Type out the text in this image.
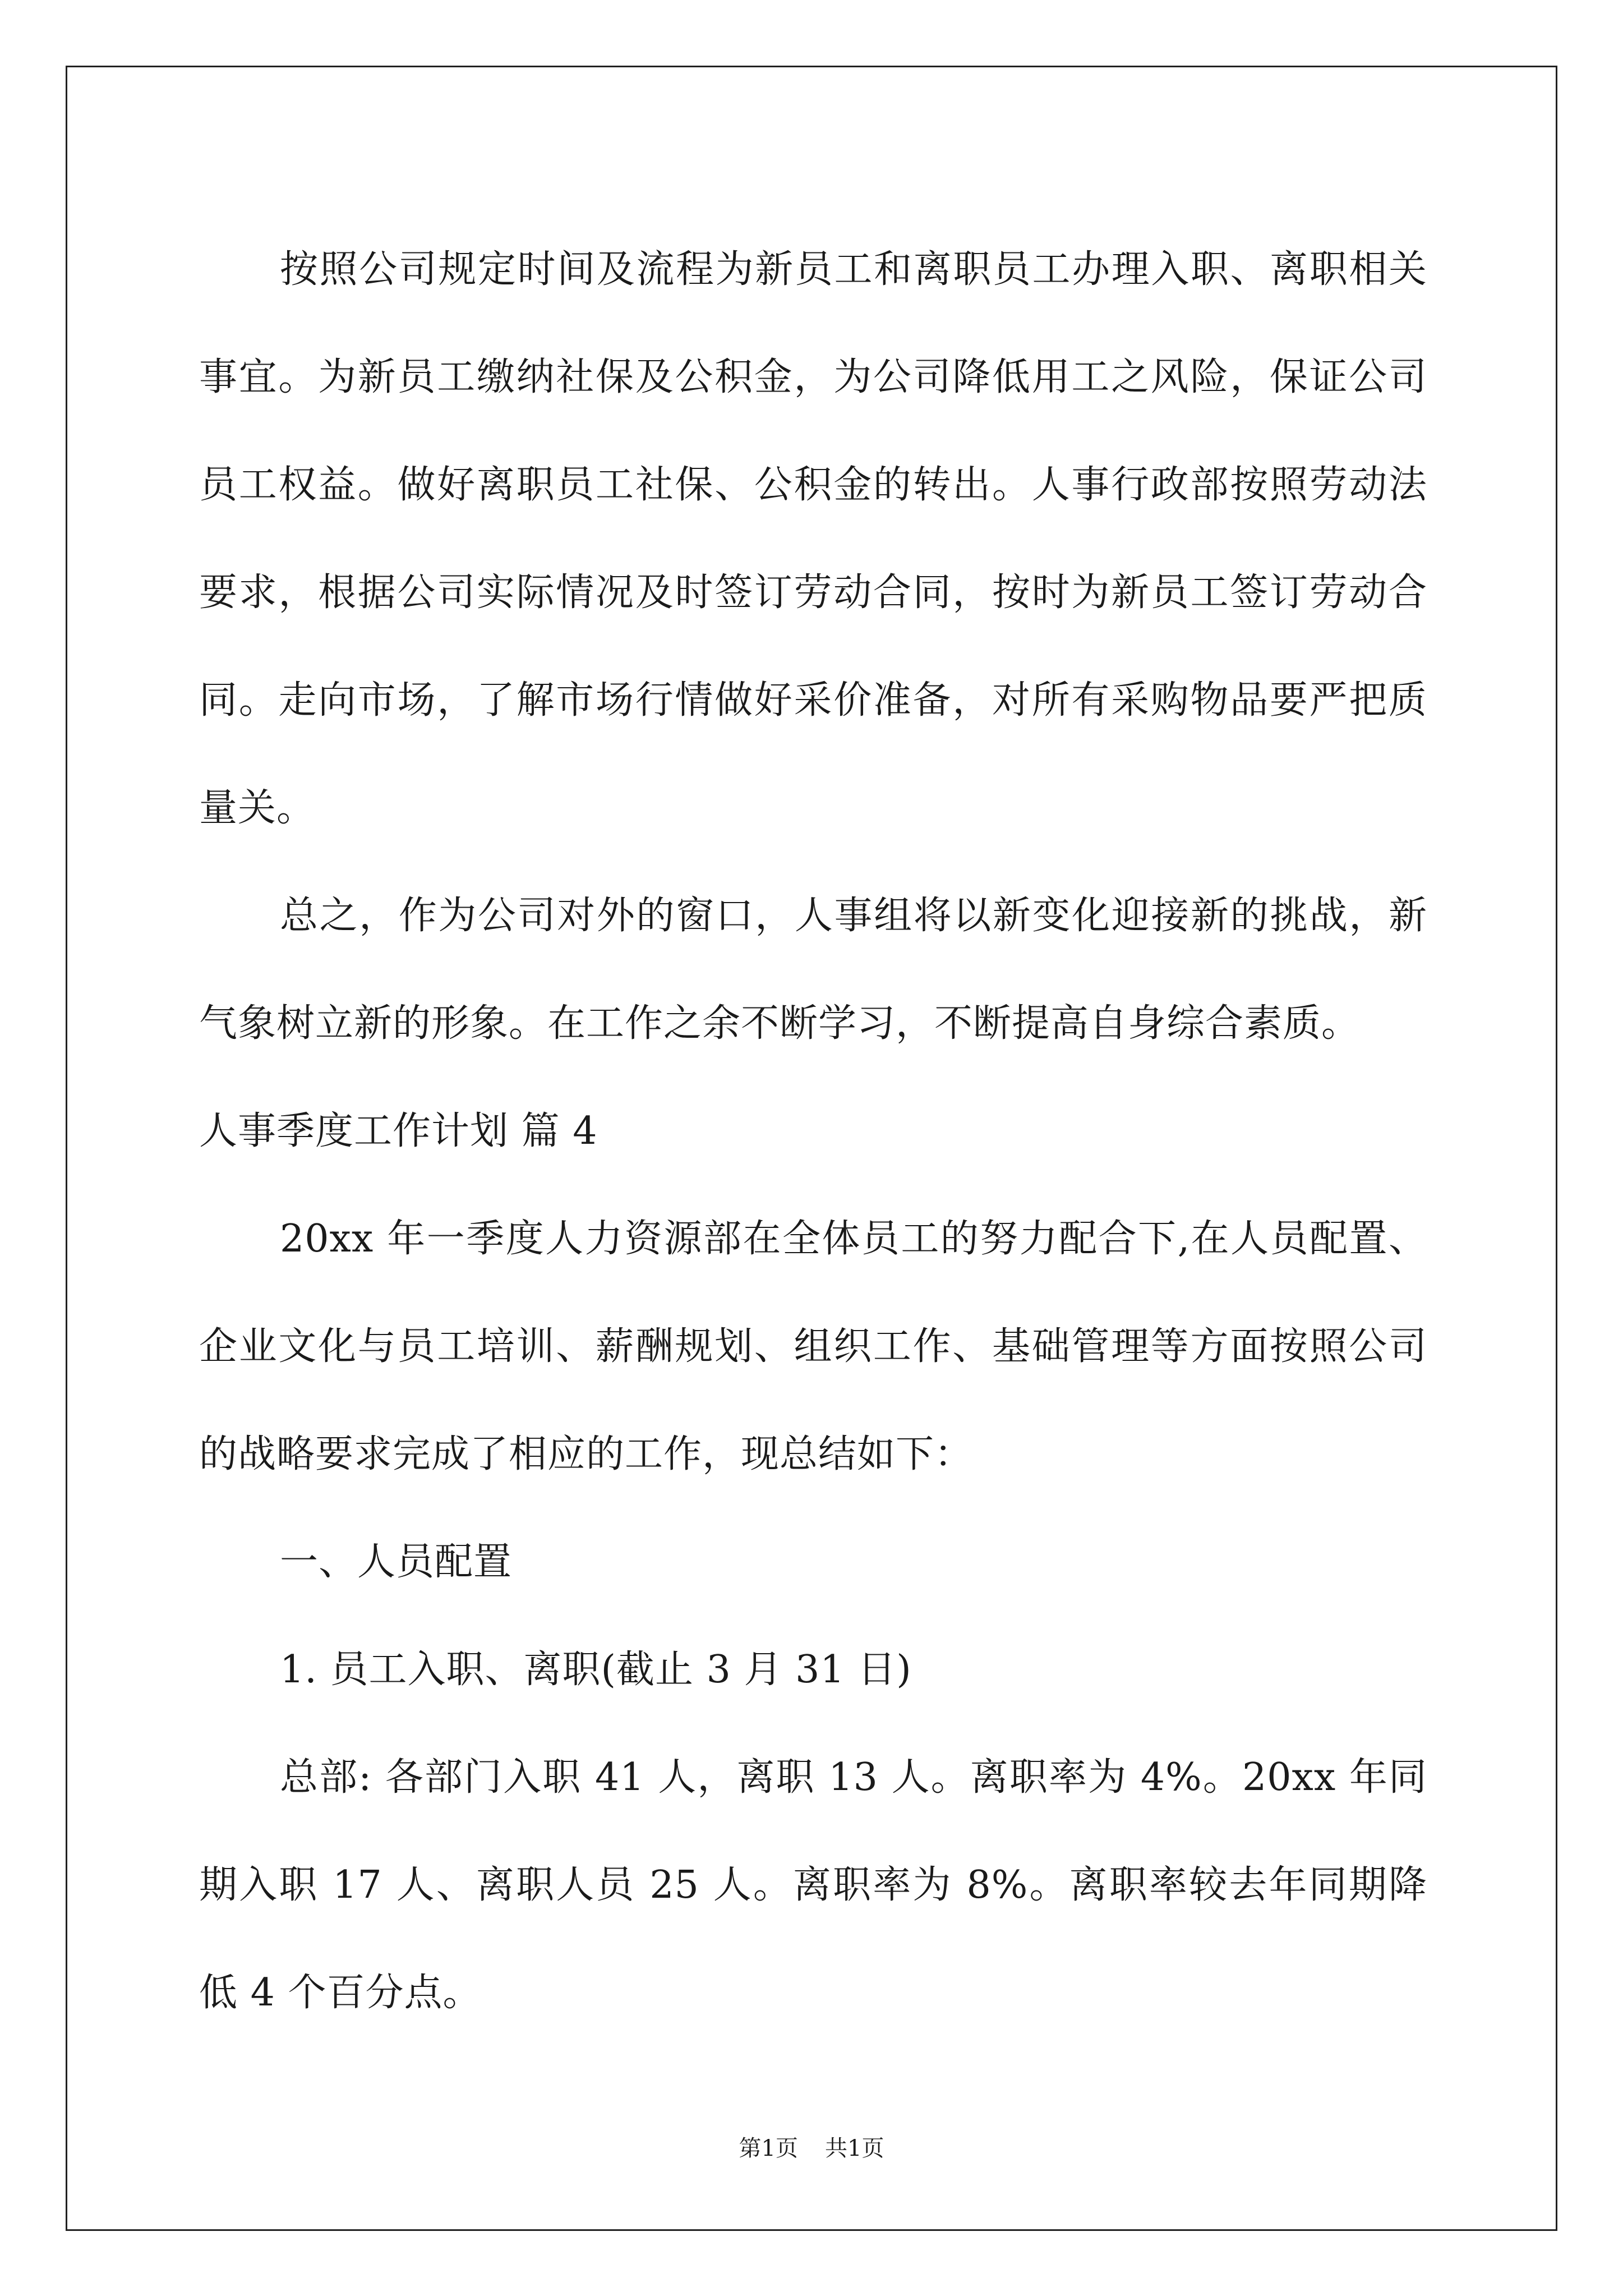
按照公司规定时间及流程为新员工和离职员工办理入职、离职相关事宜。为新员工缴纳社保及公积金，为公司降低用工之风险，保证公司员工权益。做好离职员工社保、公积金的转出。人事行政部按照劳动法要求，根据公司实际情况及时签订劳动合同，按时为新员工签订劳动合同。走向市场，了解市场行情做好采价准备，对所有采购物品要严把质量关。

总之，作为公司对外的窗口，人事组将以新变化迎接新的挑战，新气象树立新的形象。在工作之余不断学习，不断提高自身综合素质。

人事季度工作计划 篇 4

20xx 年一季度人力资源部在全体员工的努力配合下,在人员配置、企业文化与员工培训、薪酬规划、组织工作、基础管理等方面按照公司的战略要求完成了相应的工作，现总结如下：

一、人员配置

1. 员工入职、离职(截止 3 月 31 日)

总部: 各部门入职 41 人，离职 13 人。离职率为 4%。20xx 年同期入职 17 人、离职人员 25 人。离职率为 8%。离职率较去年同期降低 4 个百分点。

第1页 共1页
